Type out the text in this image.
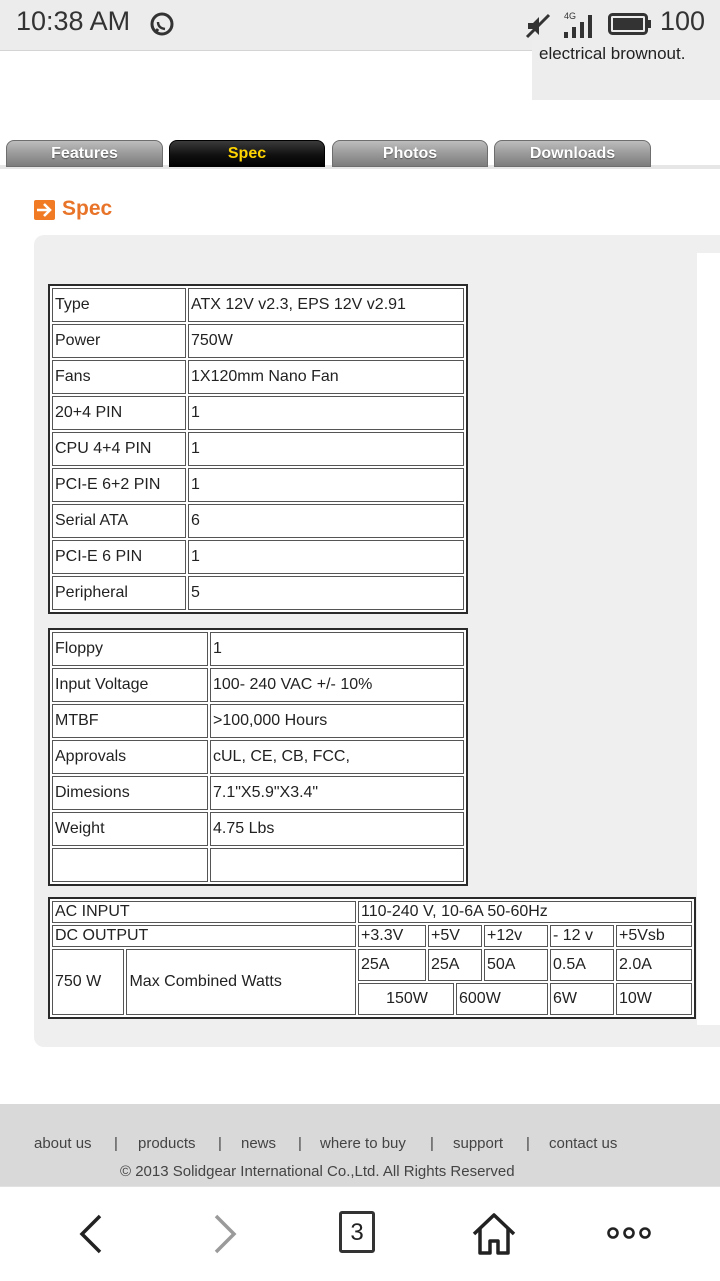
10:38 AM	4G	100
electrical brownout.
Features	Spec	Photos	Downloads
Spec
Type	ATX 12V v2.3, EPS 12V v2.91
Power	750W
Fans	1X120mm Nano Fan
20+4 PIN	1
CPU 4+4 PIN	1
PCI-E 6+2 PIN	1
Serial ATA	6
PCI-E 6 PIN	1
Peripheral	5
Floppy	1
Input Voltage	100- 240 VAC +/- 10%
MTBF	>100,000 Hours
Approvals	cUL, CE, CB, FCC,
Dimesions	7.1"X5.9"X3.4"
Weight	4.75 Lbs

AC INPUT		110-240 V, 10-6A 50-60Hz					
DC OUTPUT		+3.3V	+5V		+12v	- 12 v	+5Vsb
750 W	Max Combined Watts	25A	25A		50A	0.5A	2.0A
		150W		600W		6W	10W
about us | products | news | where to buy | support | contact us
© 2013 Solidgear International Co.,Ltd. All Rights Reserved
3
